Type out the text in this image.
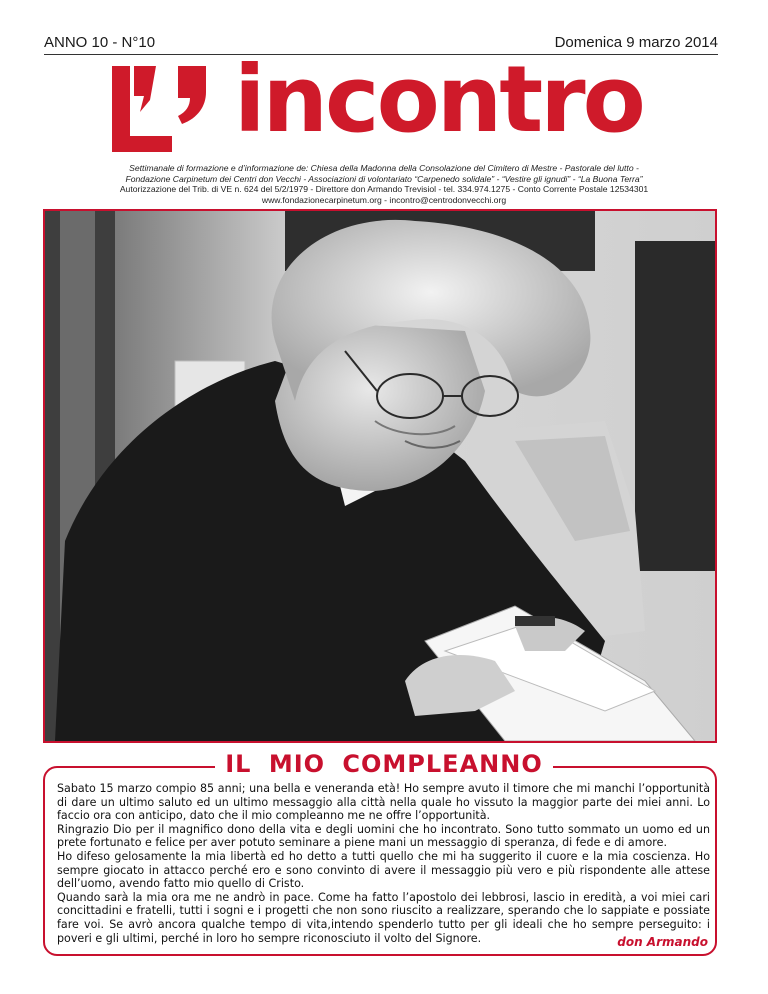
ANNO 10 - N°10	Domenica 9 marzo 2014
incontro
Settimanale di formazione e d’informazione de: Chiesa della Madonna della Consolazione del Cimitero di Mestre - Pastorale del lutto -
Fondazione Carpinetum dei Centri don Vecchi - Associazioni di volontariato “Carpenedo solidale” - “Vestire gli ignudi” - “La Buona Terra”
Autorizzazione del Trib. di VE n. 624 del 5/2/1979 - Direttore don Armando Trevisiol - tel. 334.974.1275 - Conto Corrente Postale 12534301
www.fondazionecarpinetum.org - incontro@centrodonvecchi.org
IL MIO COMPLEANNO

Sabato 15 marzo compio 85 anni; una bella e veneranda età! Ho sempre avuto il timore che mi manchi l’opportunità di dare un ultimo saluto ed un ultimo messaggio alla città nella quale ho vissuto la maggior parte dei miei anni. Lo faccio ora con anticipo, dato che il mio compleanno me ne offre l’opportunità.

Ringrazio Dio per il magnifico dono della vita e degli uomini che ho incontrato. Sono tutto sommato un uomo ed un prete fortunato e felice per aver potuto seminare a piene mani un messaggio di speranza, di fede e di amore.

Ho difeso gelosamente la mia libertà ed ho detto a tutti quello che mi ha suggerito il cuore e la mia coscienza. Ho sempre giocato in attacco perché ero e sono convinto di avere il messaggio più vero e più rispondente alle attese dell’uomo, avendo fatto mio quello di Cristo.

Quando sarà la mia ora me ne andrò in pace. Come ha fatto l’apostolo dei lebbrosi, lascio in eredità, a voi miei cari concittadini e fratelli, tutti i sogni e i progetti che non sono riuscito a realizzare, sperando che lo sappiate e possiate fare voi. Se avrò ancora qualche tempo di vita,intendo spenderlo tutto per gli ideali che ho sempre perseguito: i poveri e gli ultimi, perché in loro ho sempre riconosciuto il volto del Signore.	don Armando
